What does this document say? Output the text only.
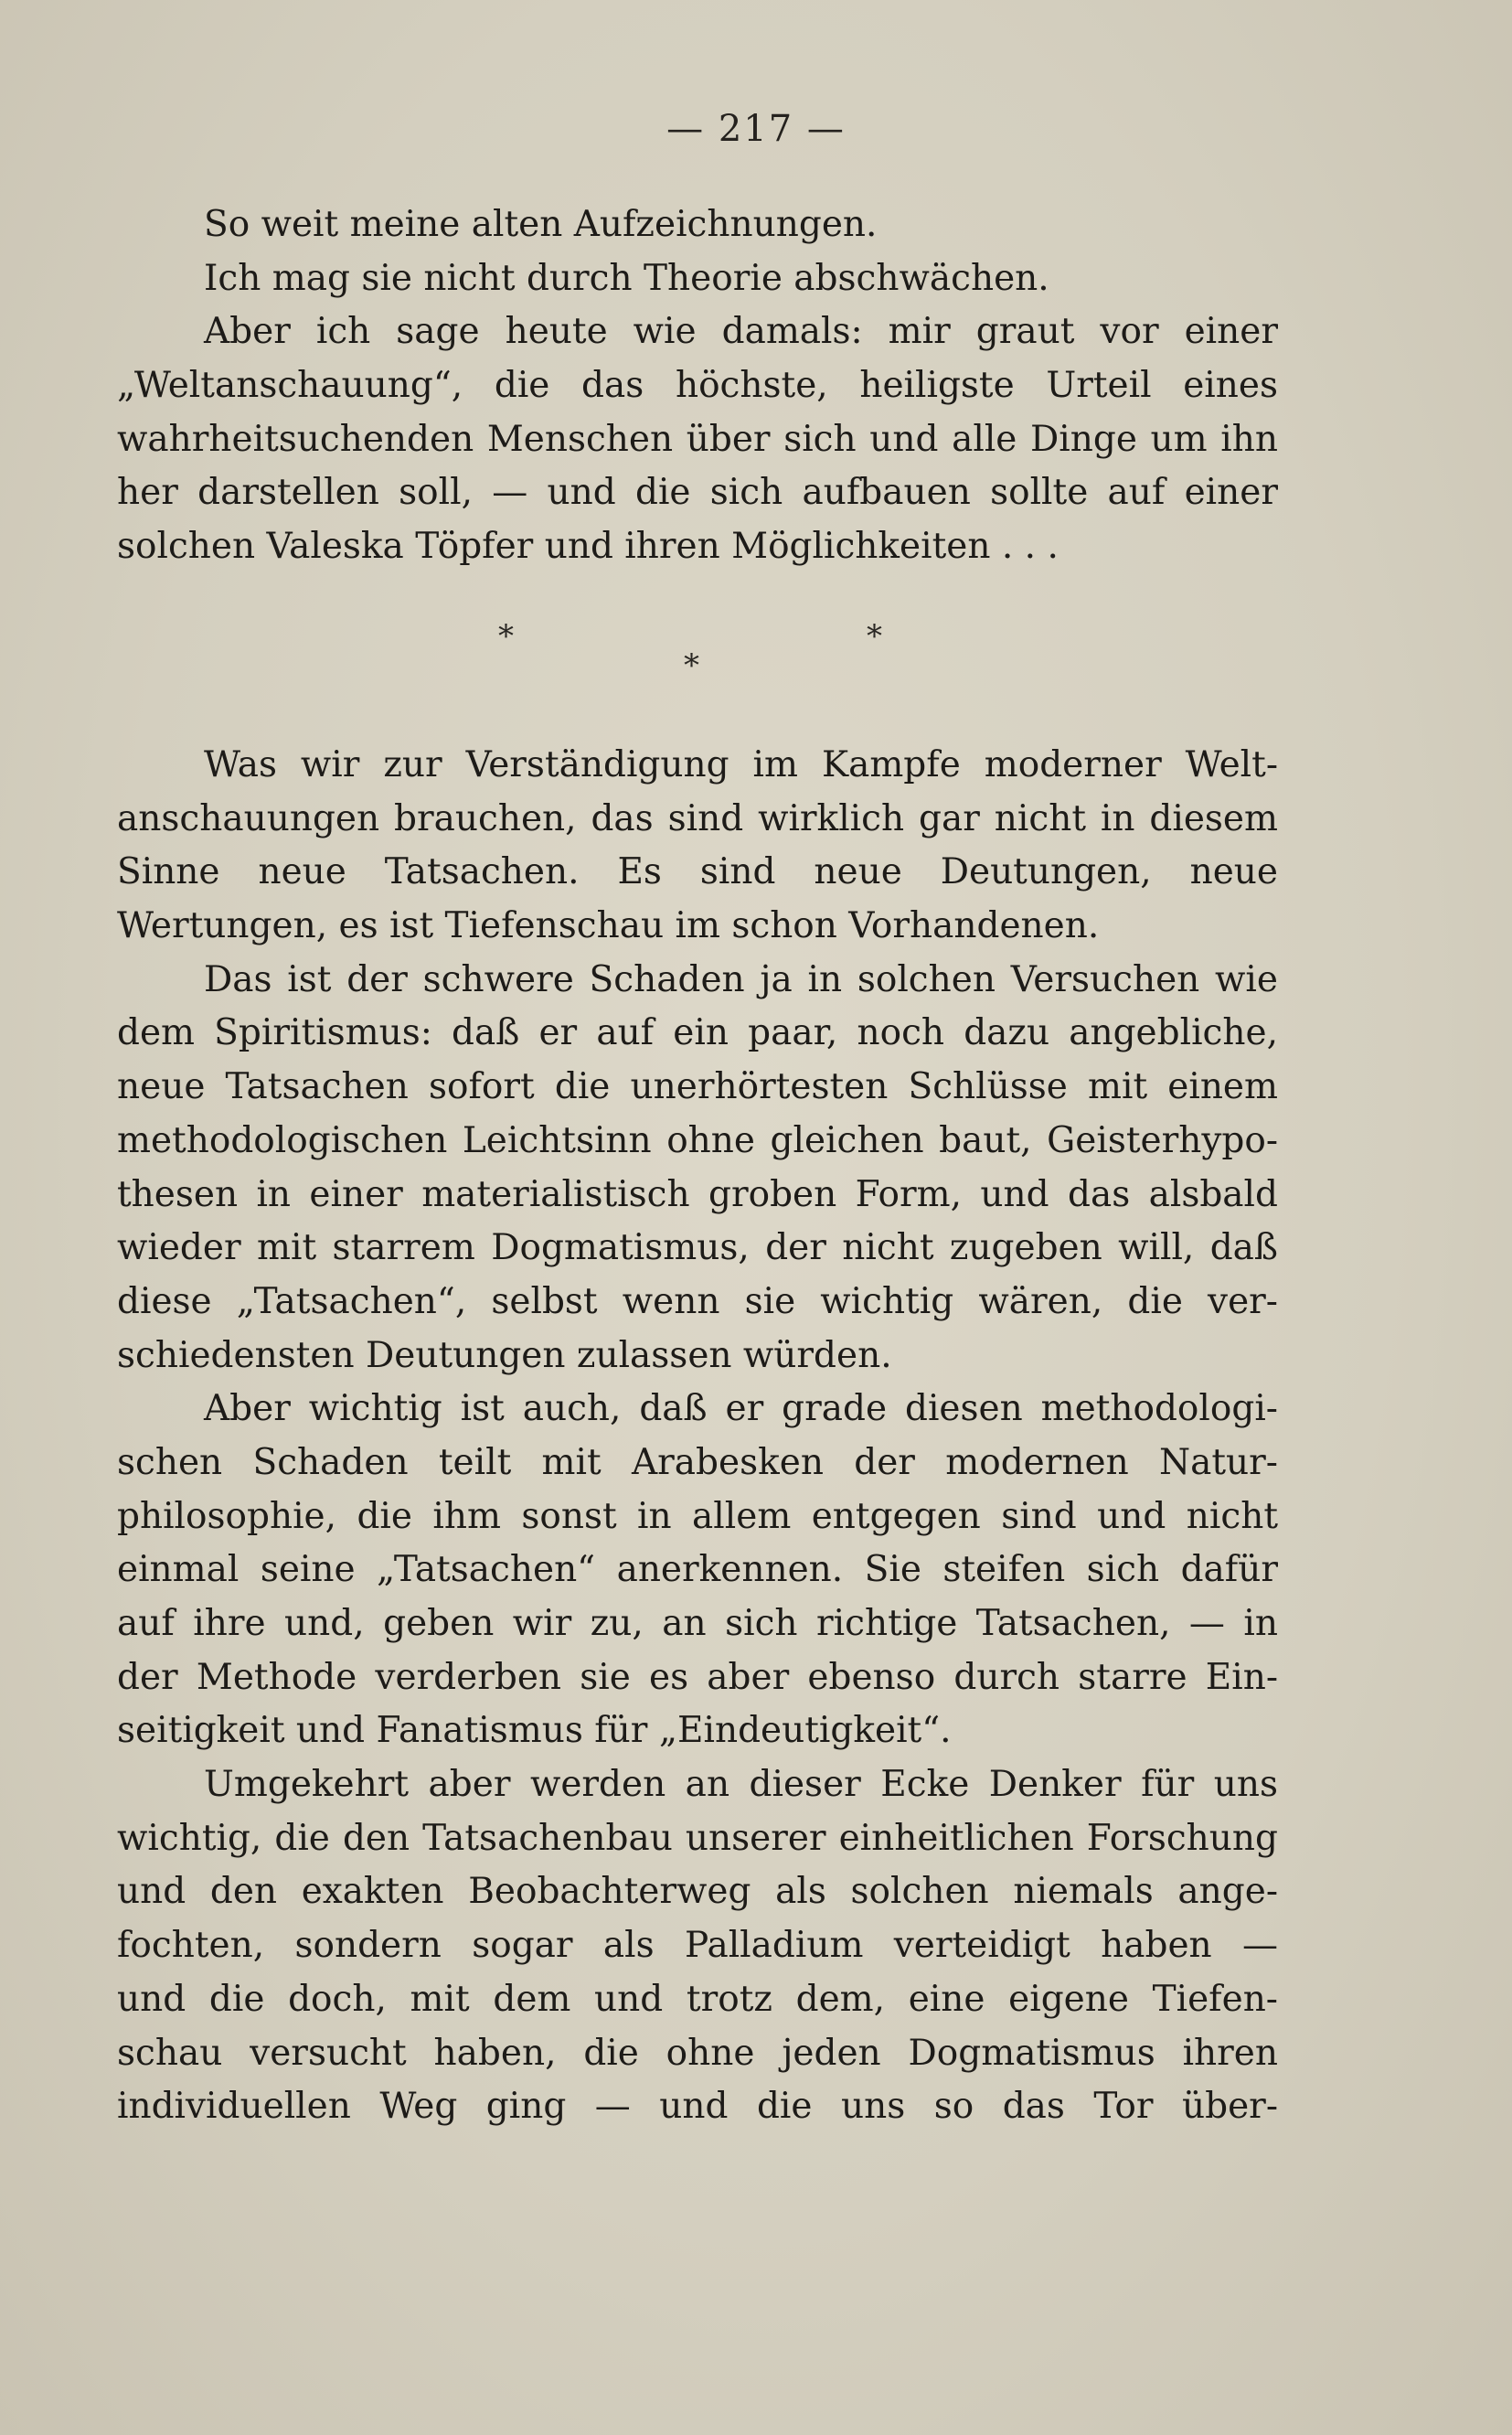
— 217 —
So weit meine alten Aufzeichnungen.
Ich mag sie nicht durch Theorie abschwächen.
Aber ich sage heute wie damals: mir graut vor einer
„Weltanschauung“, die das höchste, heiligste Urteil eines
wahrheitsuchenden Menschen über sich und alle Dinge um ihn
her darstellen soll, — und die sich aufbauen sollte auf einer
solchen Valeska Töpfer und ihren Möglichkeiten . . .
*	*
*
Was wir zur Verständigung im Kampfe moderner Welt-
anschauungen brauchen, das sind wirklich gar nicht in diesem
Sinne neue Tatsachen. Es sind neue Deutungen, neue
Wertungen, es ist Tiefenschau im schon Vorhandenen.
Das ist der schwere Schaden ja in solchen Versuchen wie
dem Spiritismus: daß er auf ein paar, noch dazu angebliche,
neue Tatsachen sofort die unerhörtesten Schlüsse mit einem
methodologischen Leichtsinn ohne gleichen baut, Geisterhypo-
thesen in einer materialistisch groben Form, und das alsbald
wieder mit starrem Dogmatismus, der nicht zugeben will, daß
diese „Tatsachen“, selbst wenn sie wichtig wären, die ver-
schiedensten Deutungen zulassen würden.
Aber wichtig ist auch, daß er grade diesen methodologi-
schen Schaden teilt mit Arabesken der modernen Natur-
philosophie, die ihm sonst in allem entgegen sind und nicht
einmal seine „Tatsachen“ anerkennen. Sie steifen sich dafür
auf ihre und, geben wir zu, an sich richtige Tatsachen, — in
der Methode verderben sie es aber ebenso durch starre Ein-
seitigkeit und Fanatismus für „Eindeutigkeit“.
Umgekehrt aber werden an dieser Ecke Denker für uns
wichtig, die den Tatsachenbau unserer einheitlichen Forschung
und den exakten Beobachterweg als solchen niemals ange-
fochten, sondern sogar als Palladium verteidigt haben —
und die doch, mit dem und trotz dem, eine eigene Tiefen-
schau versucht haben, die ohne jeden Dogmatismus ihren
individuellen Weg ging — und die uns so das Tor über-
